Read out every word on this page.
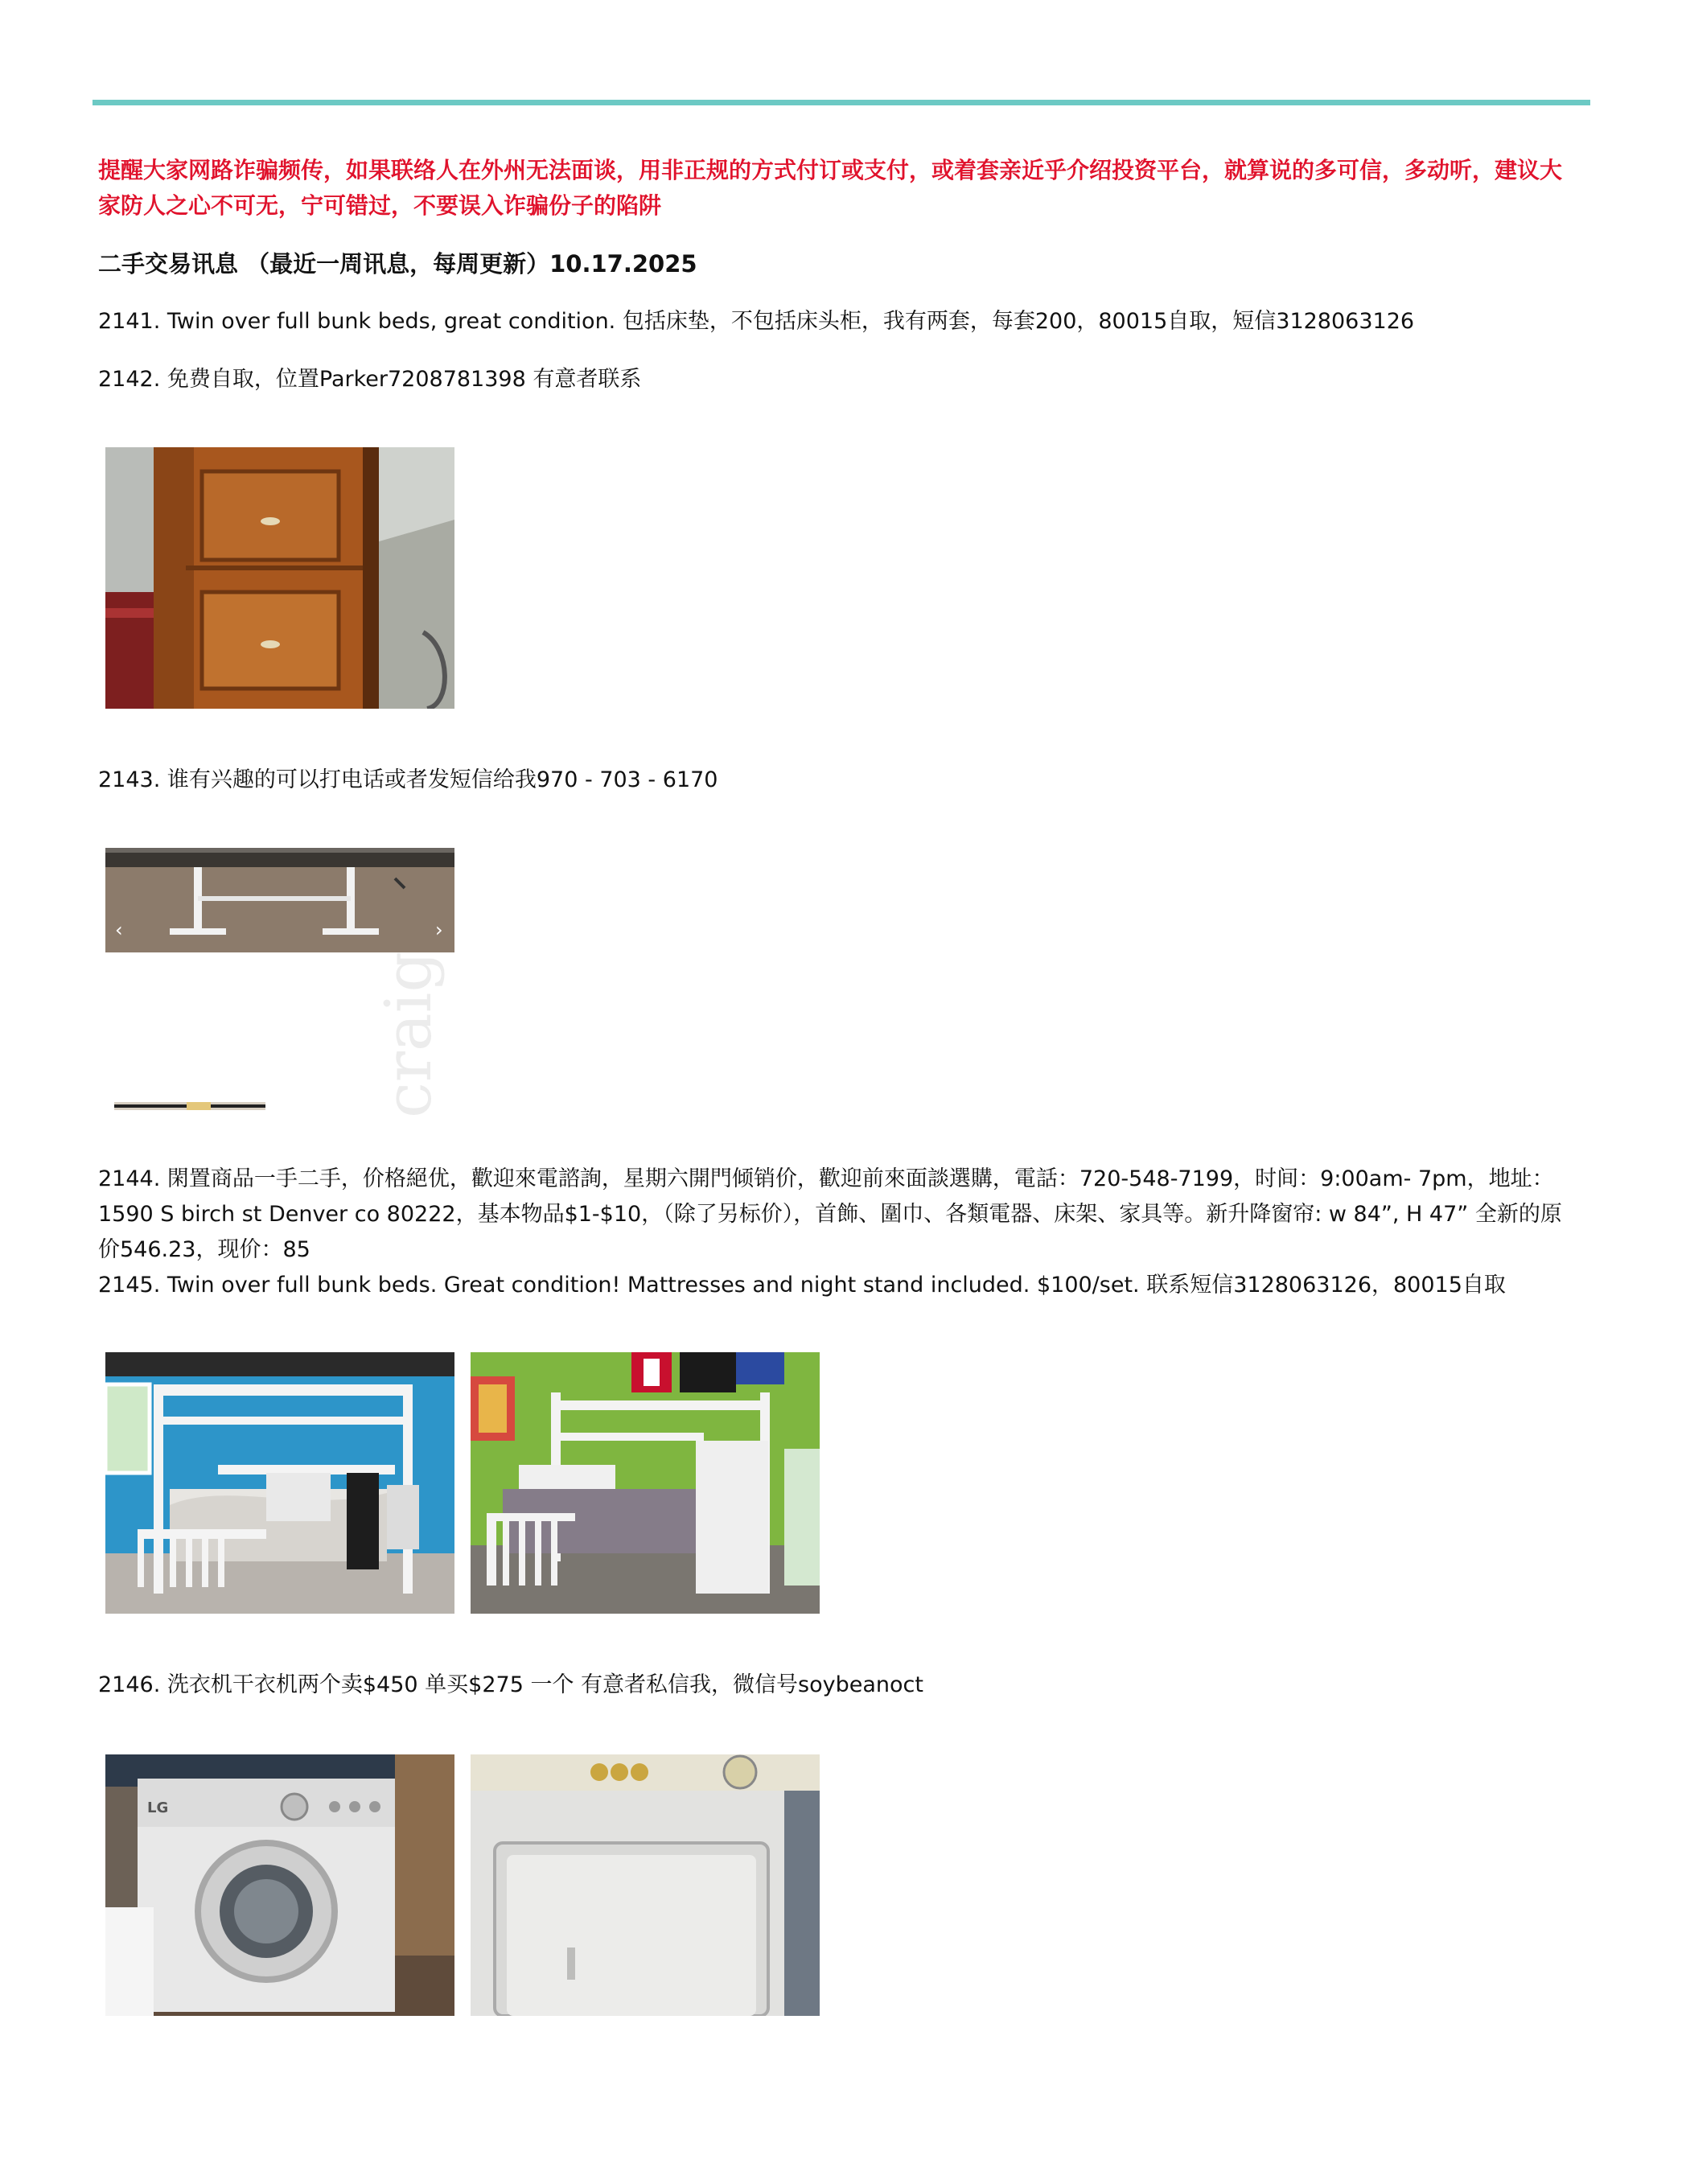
提醒大家网路诈骗频传，如果联络人在外州无法面谈，用非正规的方式付订或支付，或着套亲近乎介绍投资平台，就算说的多可信，多动听，建议大家防人之心不可无，宁可错过，不要误入诈骗份子的陷阱
二手交易讯息 （最近一周讯息，每周更新）10.17.2025
2141. Twin over full bunk beds, great condition. 包括床垫，不包括床头柜，我有两套，每套200，80015自取，短信3128063126
2142. 免费自取，位置Parker7208781398 有意者联系
2143. 谁有兴趣的可以打电话或者发短信给我970 - 703 - 6170
‹	›
craig
2144. 閑置商品一手二手，价格絕优，歡迎來電諮詢，星期六開門倾销价，歡迎前來面談選購，電話：720-548-7199，时间：9:00am- 7pm，地址：1590 S birch st Denver co 80222，基本物品$1-$10，（除了另标价），首飾、圍巾、各類電器、床架、家具等。新升降窗帘: w 84”, H 47” 全新的原价546.23，现价：85
2145. Twin over full bunk beds. Great condition! Mattresses and night stand included. $100/set. 联系短信3128063126，80015自取
2146. 洗衣机干衣机两个卖$450 单买$275 一个 有意者私信我，微信号soybeanoct
LG
